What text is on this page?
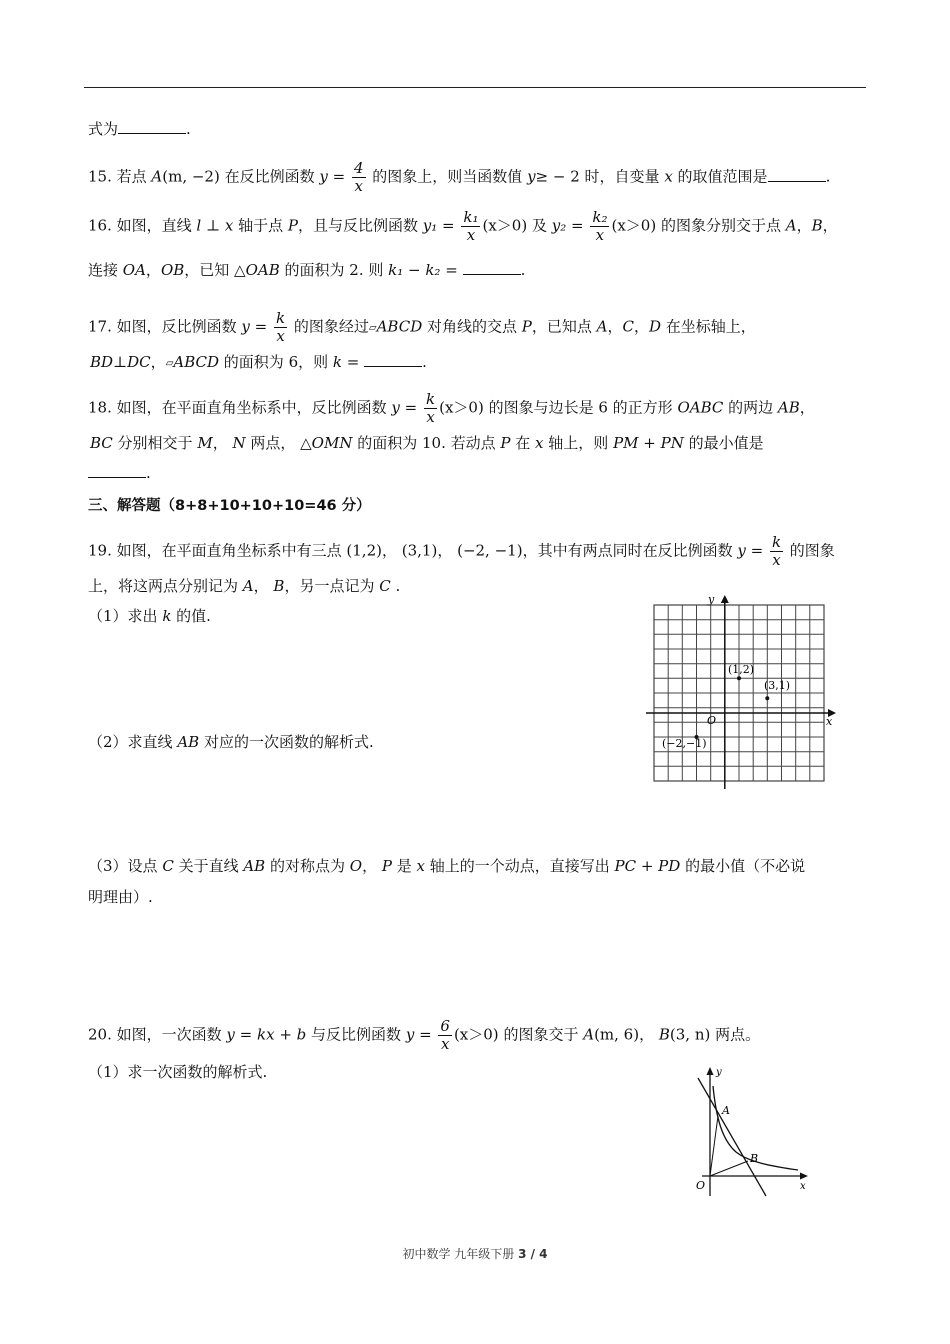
式为	.
15. 若点 A(m, −2) 在反比例函数 $y = \frac{4}{x}$ 的图象上，则当函数值 y≥ − 2 时，自变量 x 的取值范围是	.
16. 如图，直线 l ⊥ x 轴于点 P，且与反比例函数 $y_1 = \frac{\text{k₁}}{x} (x>0)$ 及 $y_2 = \frac{\text{k₂}}{x} (x>0)$ 的图象分别交于点 A，B，
连接 OA，OB，已知 △OAB 的面积为 2. 则 k₁ − k₂ =	.
17. 如图，反比例函数 $y = \frac{k}{x}$ 的图象经过▱ABCD 对角线的交点 P，已知点 A，C，D 在坐标轴上，
BD⊥DC，▱ABCD 的面积为 6，则 k =	.
18. 如图，在平面直角坐标系中，反比例函数 $y = \frac{k}{x} (x>0)$ 的图象与边长是 6 的正方形 OABC 的两边 AB，
BC 分别相交于 M， N 两点， △OMN 的面积为 10. 若动点 P 在 x 轴上，则 PM + PN 的最小值是
.
三、解答题（8+8+10+10+10=46 分）
19. 如图，在平面直角坐标系中有三点 (1,2)， (3,1)， (−2, −1)，其中有两点同时在反比例函数 $y = \frac{k}{x}$ 的图象
上，将这两点分别记为 A， B，另一点记为 C .
（1）求出 k 的值.
（2）求直线 AB 对应的一次函数的解析式.
x
y
O
(1,2)
(3,1)
(−2,−1)
（3）设点 C 关于直线 AB 的对称点为 O， P 是 x 轴上的一个动点，直接写出 PC + PD 的最小值（不必说
明理由）.
20. 如图，一次函数 y = kx + b 与反比例函数 $y = \frac{6}{x} (x>0)$ 的图象交于 A(m, 6)， B(3, n) 两点。
（1）求一次函数的解析式.
A
B
O	x
y
初中数学 九年级下册 3 / 4
